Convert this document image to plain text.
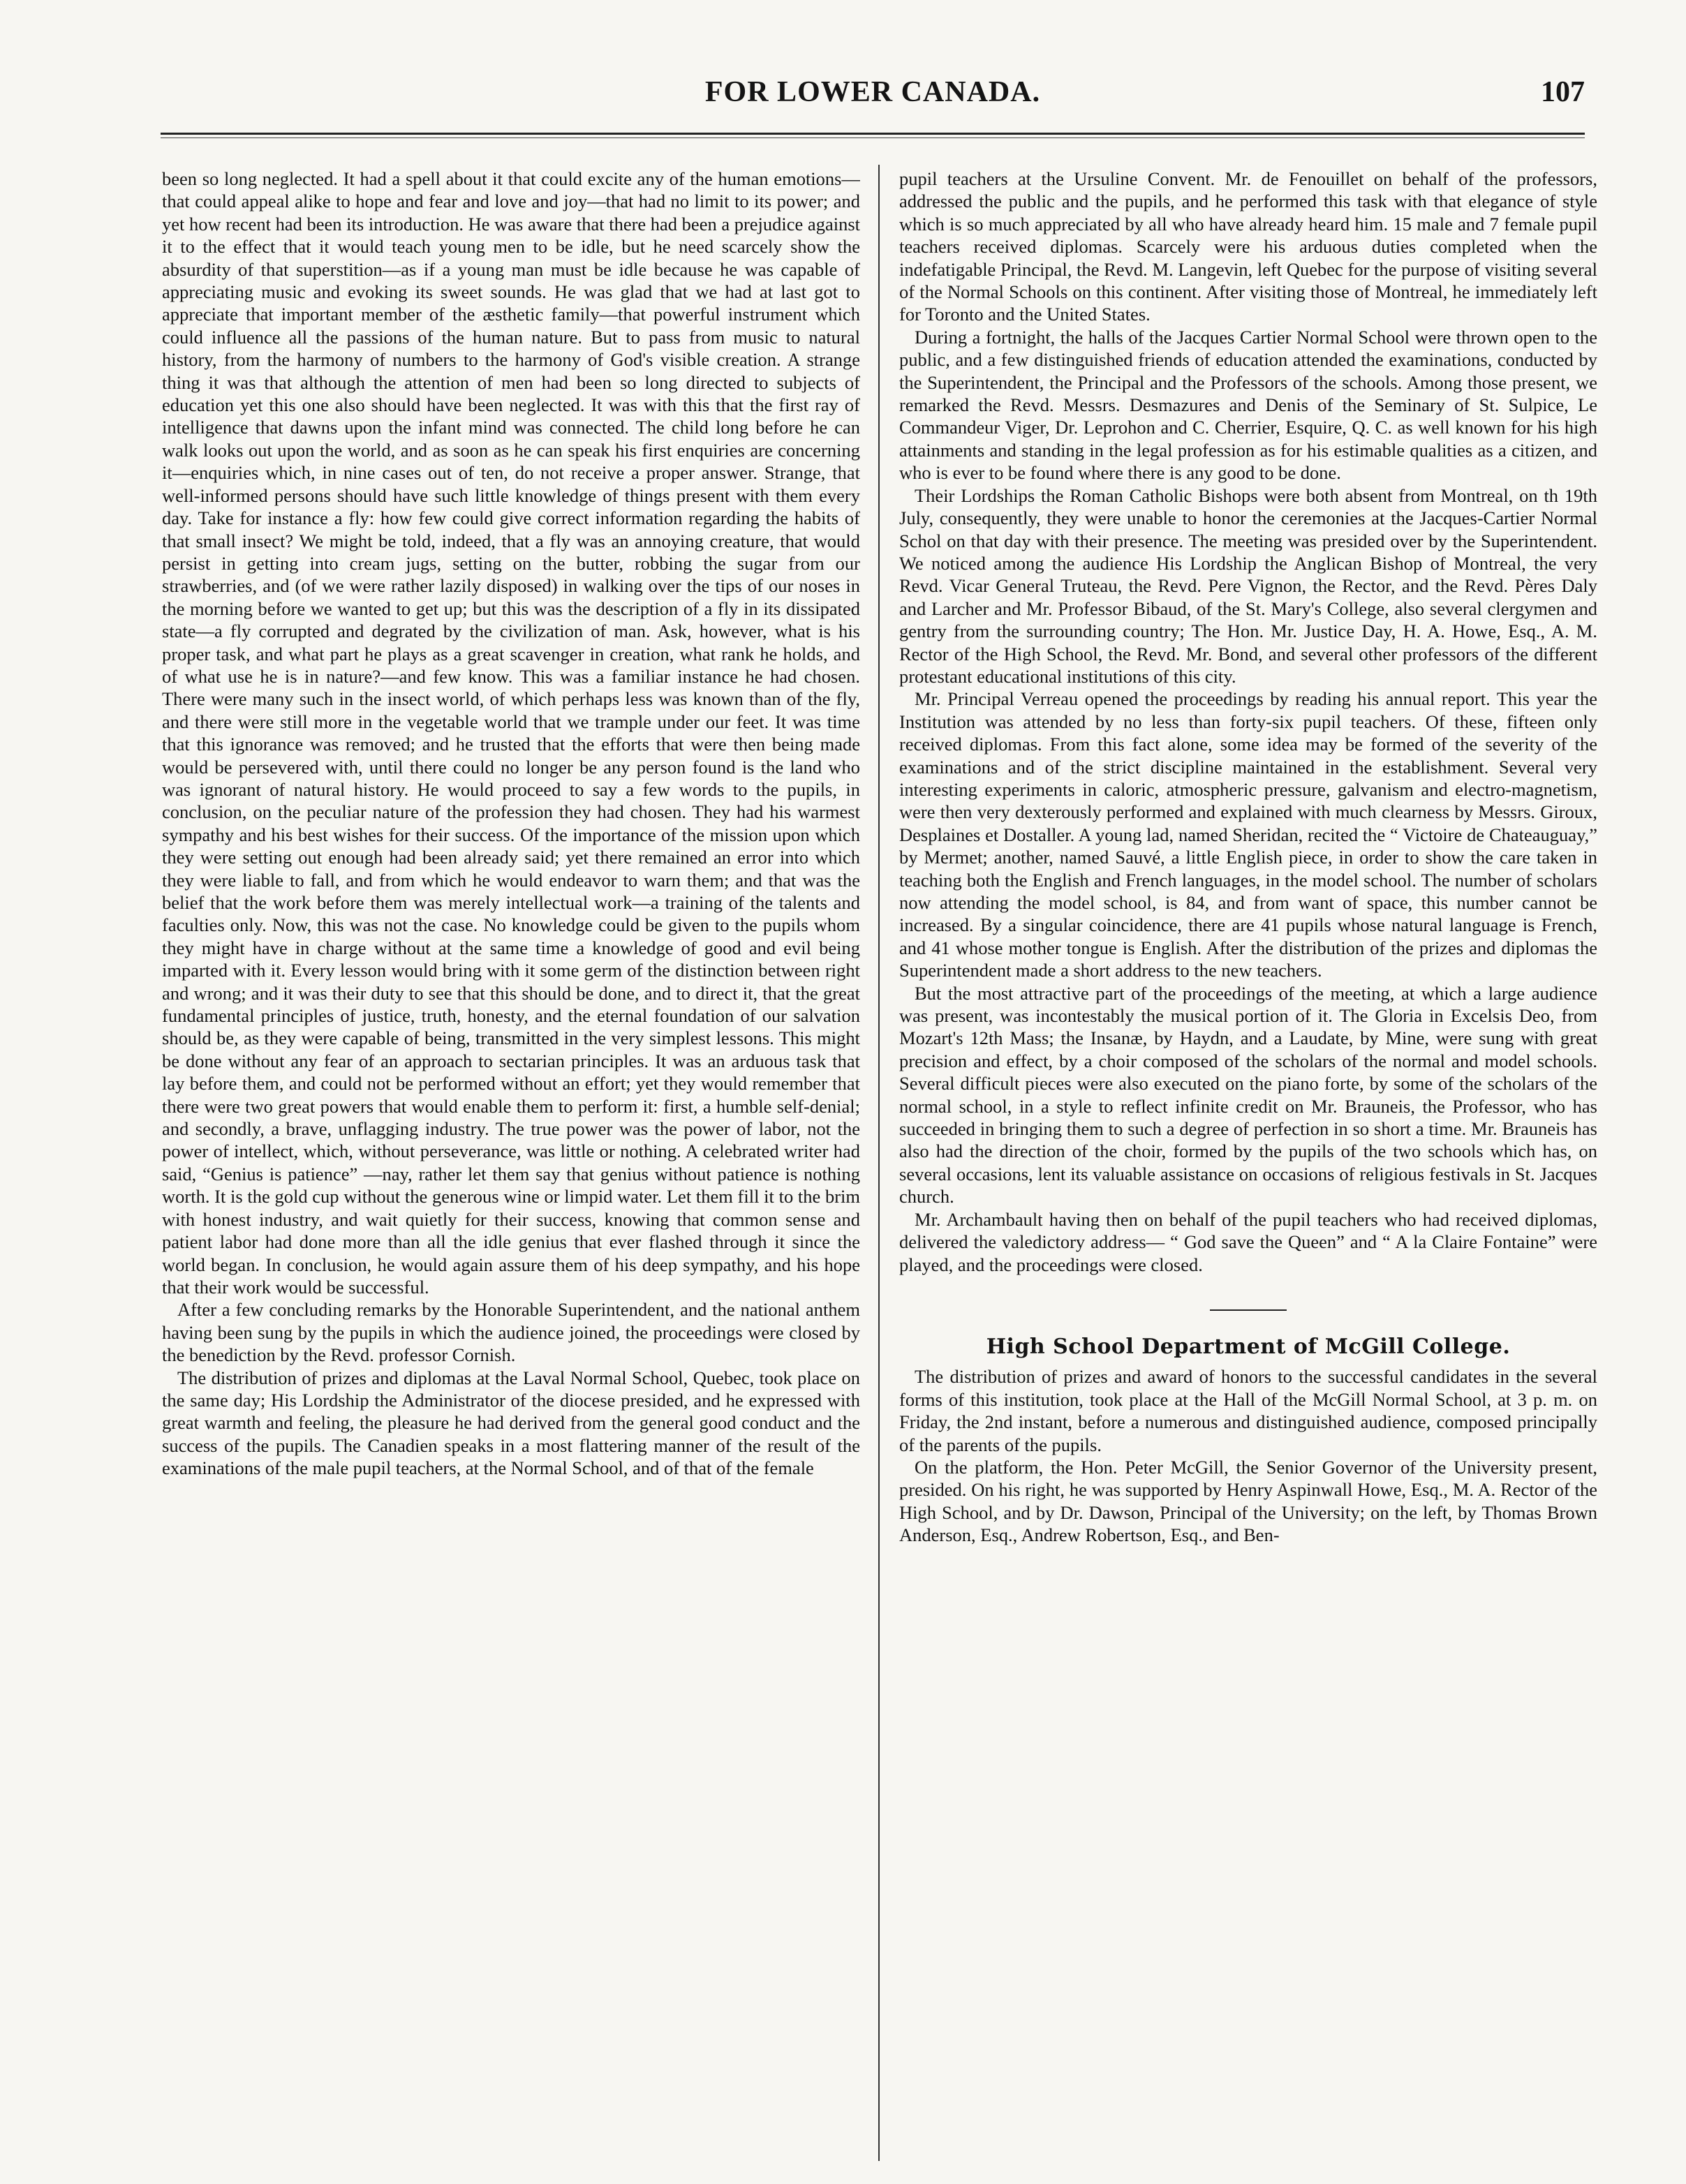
FOR LOWER CANADA.	107

been so long neglected. It had a spell about it that could excite any of the human emotions—that could appeal alike to hope and fear and love and joy—that had no limit to its power; and yet how recent had been its introduction. He was aware that there had been a prejudice against it to the effect that it would teach young men to be idle, but he need scarcely show the absurdity of that superstition—as if a young man must be idle because he was capable of appreciating music and evoking its sweet sounds. He was glad that we had at last got to appreciate that important member of the æsthetic family—that powerful instrument which could influence all the passions of the human nature. But to pass from music to natural history, from the harmony of numbers to the harmony of God's visible creation. A strange thing it was that although the attention of men had been so long directed to subjects of education yet this one also should have been neglected. It was with this that the first ray of intelligence that dawns upon the infant mind was connected. The child long before he can walk looks out upon the world, and as soon as he can speak his first enquiries are concerning it—enquiries which, in nine cases out of ten, do not receive a proper answer. Strange, that well-informed persons should have such little knowledge of things present with them every day. Take for instance a fly: how few could give correct information regarding the habits of that small insect? We might be told, indeed, that a fly was an annoying creature, that would persist in getting into cream jugs, setting on the butter, robbing the sugar from our strawberries, and (of we were rather lazily disposed) in walking over the tips of our noses in the morning before we wanted to get up; but this was the description of a fly in its dissipated state—a fly corrupted and degrated by the civilization of man. Ask, however, what is his proper task, and what part he plays as a great scavenger in creation, what rank he holds, and of what use he is in nature?—and few know. This was a familiar instance he had chosen. There were many such in the insect world, of which perhaps less was known than of the fly, and there were still more in the vegetable world that we trample under our feet. It was time that this ignorance was removed; and he trusted that the efforts that were then being made would be persevered with, until there could no longer be any person found is the land who was ignorant of natural history. He would proceed to say a few words to the pupils, in conclusion, on the peculiar nature of the profession they had chosen. They had his warmest sympathy and his best wishes for their success. Of the importance of the mission upon which they were setting out enough had been already said; yet there remained an error into which they were liable to fall, and from which he would endeavor to warn them; and that was the belief that the work before them was merely intellectual work—a training of the talents and faculties only. Now, this was not the case. No knowledge could be given to the pupils whom they might have in charge without at the same time a knowledge of good and evil being imparted with it. Every lesson would bring with it some germ of the distinction between right and wrong; and it was their duty to see that this should be done, and to direct it, that the great fundamental principles of justice, truth, honesty, and the eternal foundation of our salvation should be, as they were capable of being, transmitted in the very simplest lessons. This might be done without any fear of an approach to sectarian principles. It was an arduous task that lay before them, and could not be performed without an effort; yet they would remember that there were two great powers that would enable them to perform it: first, a humble self-denial; and secondly, a brave, unflagging industry. The true power was the power of labor, not the power of intellect, which, without perseverance, was little or nothing. A celebrated writer had said, “Genius is patience” —nay, rather let them say that genius without patience is nothing worth. It is the gold cup without the generous wine or limpid water. Let them fill it to the brim with honest industry, and wait quietly for their success, knowing that common sense and patient labor had done more than all the idle genius that ever flashed through it since the world began. In conclusion, he would again assure them of his deep sympathy, and his hope that their work would be successful.

After a few concluding remarks by the Honorable Superintendent, and the national anthem having been sung by the pupils in which the audience joined, the proceedings were closed by the benediction by the Revd. professor Cornish.

The distribution of prizes and diplomas at the Laval Normal School, Quebec, took place on the same day; His Lordship the Administrator of the diocese presided, and he expressed with great warmth and feeling, the pleasure he had derived from the general good conduct and the success of the pupils. The Canadien speaks in a most flattering manner of the result of the examinations of the male pupil teachers, at the Normal School, and of that of the female

pupil teachers at the Ursuline Convent. Mr. de Fenouillet on behalf of the professors, addressed the public and the pupils, and he performed this task with that elegance of style which is so much appreciated by all who have already heard him. 15 male and 7 female pupil teachers received diplomas. Scarcely were his arduous duties completed when the indefatigable Principal, the Revd. M. Langevin, left Quebec for the purpose of visiting several of the Normal Schools on this continent. After visiting those of Montreal, he immediately left for Toronto and the United States.

During a fortnight, the halls of the Jacques Cartier Normal School were thrown open to the public, and a few distinguished friends of education attended the examinations, conducted by the Superintendent, the Principal and the Professors of the schools. Among those present, we remarked the Revd. Messrs. Desmazures and Denis of the Seminary of St. Sulpice, Le Commandeur Viger, Dr. Leprohon and C. Cherrier, Esquire, Q. C. as well known for his high attainments and standing in the legal profession as for his estimable qualities as a citizen, and who is ever to be found where there is any good to be done.

Their Lordships the Roman Catholic Bishops were both absent from Montreal, on th 19th July, consequently, they were unable to honor the ceremonies at the Jacques-Cartier Normal Schol on that day with their presence. The meeting was presided over by the Superintendent. We noticed among the audience His Lordship the Anglican Bishop of Montreal, the very Revd. Vicar General Truteau, the Revd. Pere Vignon, the Rector, and the Revd. Pères Daly and Larcher and Mr. Professor Bibaud, of the St. Mary's College, also several clergymen and gentry from the surrounding country; The Hon. Mr. Justice Day, H. A. Howe, Esq., A. M. Rector of the High School, the Revd. Mr. Bond, and several other professors of the different protestant educational institutions of this city.

Mr. Principal Verreau opened the proceedings by reading his annual report. This year the Institution was attended by no less than forty-six pupil teachers. Of these, fifteen only received diplomas. From this fact alone, some idea may be formed of the severity of the examinations and of the strict discipline maintained in the establishment. Several very interesting experiments in caloric, atmospheric pressure, galvanism and electro-magnetism, were then very dexterously performed and explained with much clearness by Messrs. Giroux, Desplaines et Dostaller. A young lad, named Sheridan, recited the “ Victoire de Chateauguay,” by Mermet; another, named Sauvé, a little English piece, in order to show the care taken in teaching both the English and French languages, in the model school. The number of scholars now attending the model school, is 84, and from want of space, this number cannot be increased. By a singular coincidence, there are 41 pupils whose natural language is French, and 41 whose mother tongue is English. After the distribution of the prizes and diplomas the Superintendent made a short address to the new teachers.

But the most attractive part of the proceedings of the meeting, at which a large audience was present, was incontestably the musical portion of it. The Gloria in Excelsis Deo, from Mozart's 12th Mass; the Insanæ, by Haydn, and a Laudate, by Mine, were sung with great precision and effect, by a choir composed of the scholars of the normal and model schools. Several difficult pieces were also executed on the piano forte, by some of the scholars of the normal school, in a style to reflect infinite credit on Mr. Brauneis, the Professor, who has succeeded in bringing them to such a degree of perfection in so short a time. Mr. Brauneis has also had the direction of the choir, formed by the pupils of the two schools which has, on several occasions, lent its valuable assistance on occasions of religious festivals in St. Jacques church.

Mr. Archambault having then on behalf of the pupil teachers who had received diplomas, delivered the valedictory address— “ God save the Queen” and “ A la Claire Fontaine” were played, and the proceedings were closed.

High School Department of McGill College.

The distribution of prizes and award of honors to the successful candidates in the several forms of this institution, took place at the Hall of the McGill Normal School, at 3 p. m. on Friday, the 2nd instant, before a numerous and distinguished audience, composed principally of the parents of the pupils.

On the platform, the Hon. Peter McGill, the Senior Governor of the University present, presided. On his right, he was supported by Henry Aspinwall Howe, Esq., M. A. Rector of the High School, and by Dr. Dawson, Principal of the University; on the left, by Thomas Brown Anderson, Esq., Andrew Robertson, Esq., and Ben-
